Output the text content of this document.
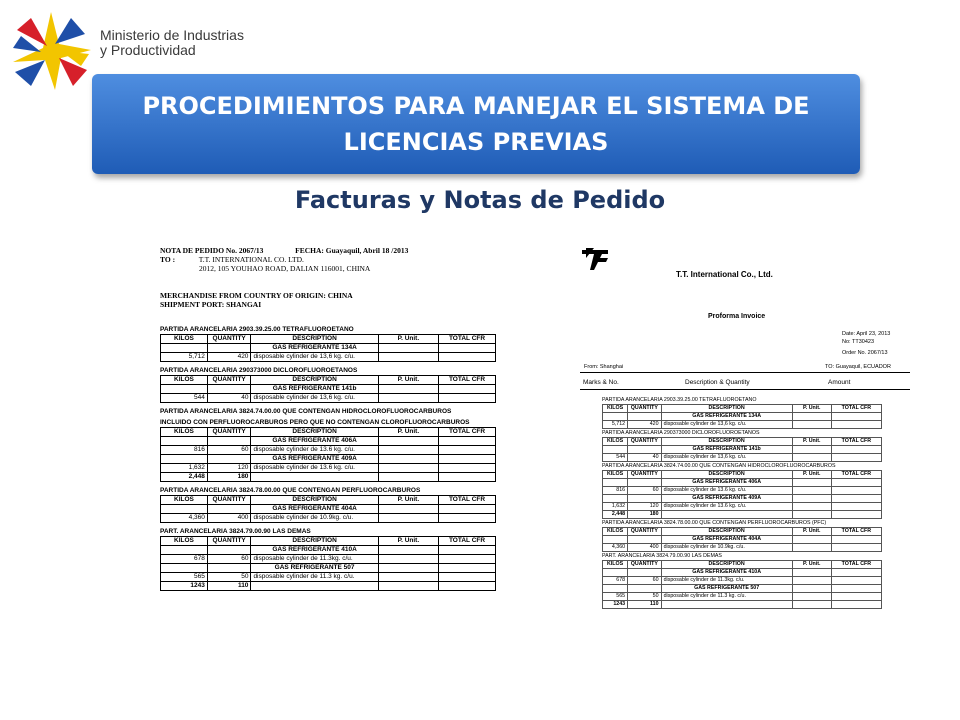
Ministerio de Industrias
y Productividad
PROCEDIMIENTOS PARA MANEJAR EL SISTEMA DE LICENCIAS PREVIAS
Facturas y Notas de Pedido
NOTA DE PEDIDO No. 2067/13	FECHA: Guayaquil, Abril 18 /2013
TO :	T.T. INTERNATIONAL CO. LTD.
2012, 105 YOUHAO ROAD, DALIAN 116001, CHINA
MERCHANDISE FROM COUNTRY OF ORIGIN: CHINA
SHIPMENT PORT: SHANGAI
PARTIDA ARANCELARIA 2903.39.25.00 TETRAFLUOROETANO
KILOS	QUANTITY	DESCRIPTION	P. Unit.	TOTAL CFR
		GAS REFRIGERANTE 134A		
5,712	420	disposable cylinder de 13,6 kg. c/u.		
PARTIDA ARANCELARIA 290373000 DICLOROFLUOROETANOS
KILOS	QUANTITY	DESCRIPTION	P. Unit.	TOTAL CFR
		GAS REFRIGERANTE 141b		
544	40	disposable cylinder de 13,6 kg. c/u.		
PARTIDA ARANCELARIA 3824.74.00.00 QUE CONTENGAN HIDROCLOROFLUOROCARBUROS
INCLUIDO CON PERFLUOROCARBUROS PERO QUE NO CONTENGAN CLOROFLUOROCARBUROS
KILOS	QUANTITY	DESCRIPTION	P. Unit.	TOTAL CFR
		GAS REFRIGERANTE 406A		
816	60	disposable cylinder de 13.6 kg. c/u.		
		GAS REFRIGERANTE 409A		
1,632	120	disposable cylinder de 13.6 kg. c/u.		
2,448	180			
PARTIDA ARANCELARIA 3824.78.00.00 QUE CONTENGAN PERFLUOROCARBUROS
KILOS	QUANTITY	DESCRIPTION	P. Unit.	TOTAL CFR
		GAS REFRIGERANTE 404A		
4,360	400	disposable cylinder de 10.9kg. c/u.		
PART. ARANCELARIA 3824.79.00.90 LAS DEMAS
KILOS	QUANTITY	DESCRIPTION	P. Unit.	TOTAL CFR
		GAS REFRIGERANTE 410A		
678	60	disposable cylinder de 11.3kg. c/u.		
		GAS REFRIGERANTE 507		
565	50	disposable cylinder de 11.3 kg. c/u.		
1243	110			
T.T. International Co., Ltd.
Proforma Invoice
Date: April 23, 2013
No: TT30423
Order No. 2067/13
From: Shanghai	TO: Guayaquil, ECUADOR
Marks & No.	Description & Quantity	Amount
PARTIDA ARANCELARIA 2903.39.25.00 TETRAFLUOROETANO
KILOS	QUANTITY	DESCRIPTION	P. Unit.	TOTAL CFR
		GAS REFRIGERANTE 134A		
5,712	420	disposable cylinder de 13,6 kg. c/u.		
PARTIDA ARANCELARIA 290373000 DICLOROFLUOROETANOS
KILOS	QUANTITY	DESCRIPTION	P. Unit.	TOTAL CFR
		GAS REFRIGERANTE 141b		
544	40	disposable cylinder de 13,6 kg. c/u.		
PARTIDA ARANCELARIA 3824.74.00.00 QUE CONTENGAN HIDROCLOROFLUOROCARBUROS
KILOS	QUANTITY	DESCRIPTION	P. Unit.	TOTAL CFR
		GAS REFRIGERANTE 406A		
816	60	disposable cylinder de 13.6 kg. c/u.		
		GAS REFRIGERANTE 409A		
1,632	120	disposable cylinder de 13.6 kg. c/u.		
2,448	180			
PARTIDA ARANCELARIA 3824.78.00.00 QUE CONTENGAN PERFLUOROCARBUROS (PFC)
KILOS	QUANTITY	DESCRIPTION	P. Unit.	TOTAL CFR
		GAS REFRIGERANTE 404A		
4,360	400	disposable cylinder de 10.9kg. c/u.		
PART. ARANCELARIA 3824.79.00.90 LAS DEMAS
KILOS	QUANTITY	DESCRIPTION	P. Unit.	TOTAL CFR
		GAS REFRIGERANTE 410A		
678	60	disposable cylinder de 11.3kg. c/u.		
		GAS REFRIGERANTE 507		
565	50	disposable cylinder de 11.3 kg. c/u.		
1243	110			
